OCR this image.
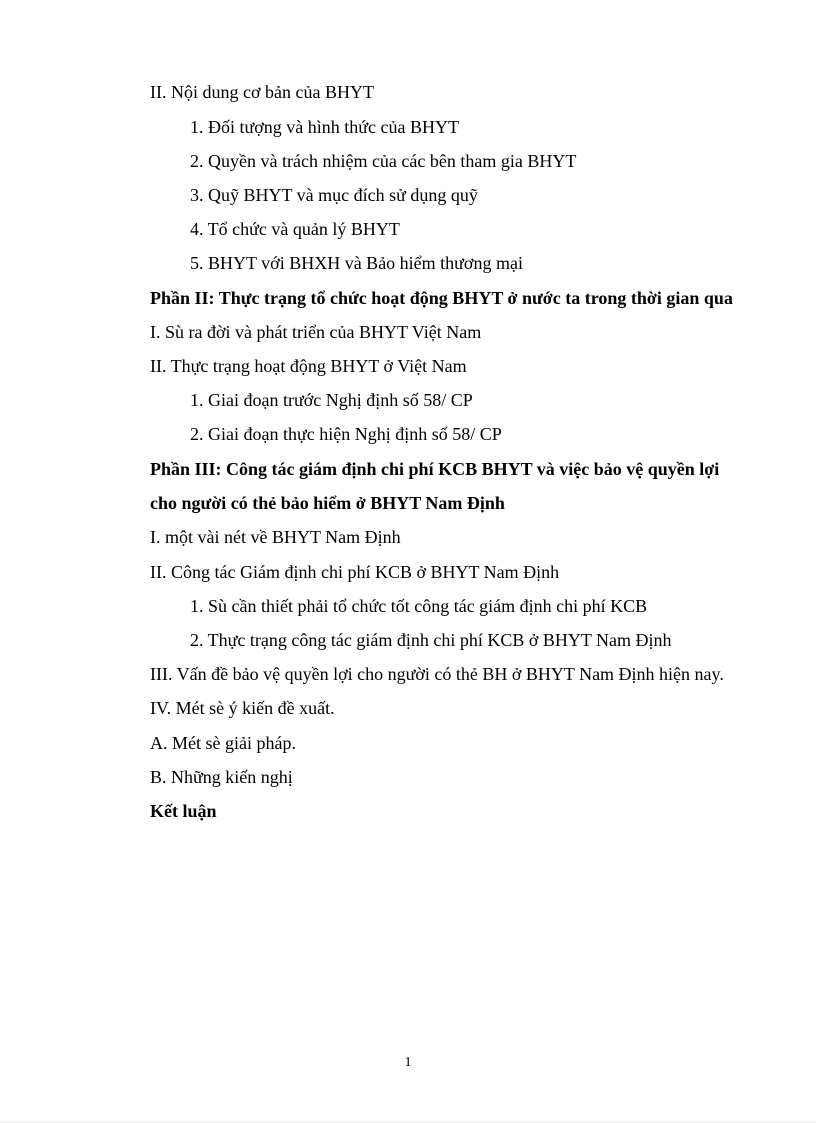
II. Nội dung cơ bản của BHYT
1. Đối tượng và hình thức của BHYT
2. Quyền và trách nhiệm của các bên tham gia BHYT
3. Quỹ BHYT và mục đích sử dụng quỹ
4. Tổ chức và quản lý BHYT
5. BHYT với BHXH và Bảo hiểm thương mại
Phần II: Thực trạng tổ chức hoạt động BHYT ở nước ta trong thời gian qua
I. Sù ra đời và phát triển của BHYT Việt Nam
II. Thực trạng hoạt động BHYT ở Việt Nam
1. Giai đoạn trước Nghị định số 58/ CP
2. Giai đoạn thực hiện Nghị định số 58/ CP
Phần III: Công tác giám định chi phí KCB BHYT và việc bảo vệ quyền lợi
cho người có thẻ bảo hiểm ở BHYT Nam Định
I. một vài nét về BHYT Nam Định
II. Công tác Giám định chi phí KCB ở BHYT Nam Định
1. Sù cần thiết phải tổ chức tốt công tác giám định chi phí KCB
2. Thực trạng công tác giám định chi phí KCB ở BHYT Nam Định
III. Vấn đề bảo vệ quyền lợi cho người có thẻ BH ở BHYT Nam Định hiện nay.
IV. Mét sè ý kiến đề xuất.
A. Mét sè giải pháp.
B. Những kiến nghị
Kết luận
1
